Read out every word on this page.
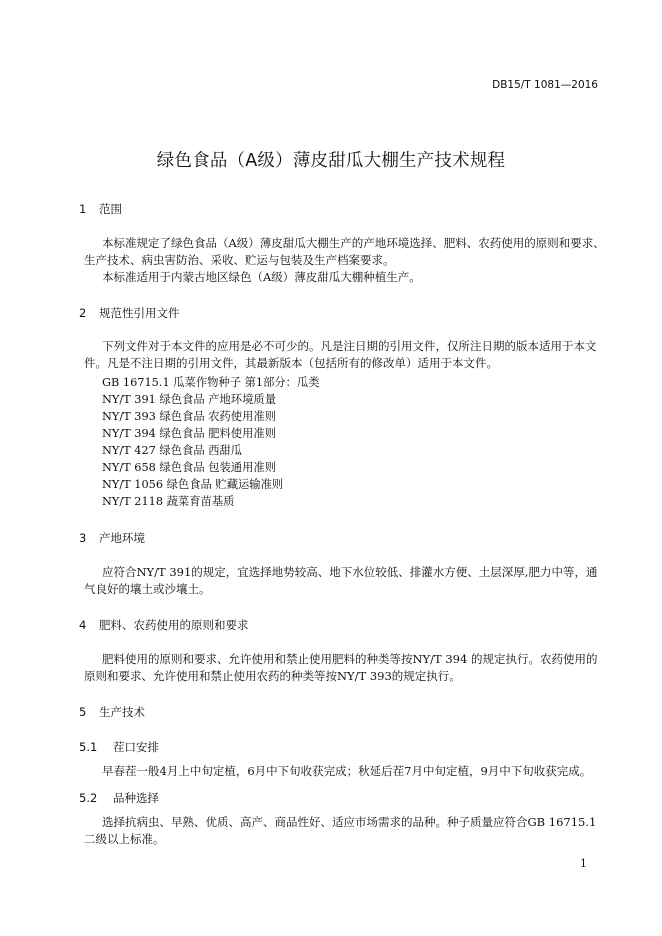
DB15/T 1081—2016
绿色食品（A级）薄皮甜瓜大棚生产技术规程
1 范围
本标准规定了绿色食品（A级）薄皮甜瓜大棚生产的产地环境选择、肥料、农药使用的原则和要求、
生产技术、病虫害防治、采收、贮运与包装及生产档案要求。
本标准适用于内蒙古地区绿色（A级）薄皮甜瓜大棚种植生产。
2 规范性引用文件
下列文件对于本文件的应用是必不可少的。凡是注日期的引用文件，仅所注日期的版本适用于本文
件。凡是不注日期的引用文件，其最新版本（包括所有的修改单）适用于本文件。
GB 16715.1 瓜菜作物种子 第1部分：瓜类
NY/T 391 绿色食品 产地环境质量
NY/T 393 绿色食品 农药使用准则
NY/T 394 绿色食品 肥料使用准则
NY/T 427 绿色食品 西甜瓜
NY/T 658 绿色食品 包装通用准则
NY/T 1056 绿色食品 贮藏运输准则
NY/T 2118 蔬菜育苗基质
3 产地环境
应符合NY/T 391的规定，宜选择地势较高、地下水位较低、排灌水方便、土层深厚,肥力中等，通
气良好的壤土或沙壤土。
4 肥料、农药使用的原则和要求
肥料使用的原则和要求、允许使用和禁止使用肥料的种类等按NY/T 394 的规定执行。农药使用的
原则和要求、允许使用和禁止使用农药的种类等按NY/T 393的规定执行。
5 生产技术
5.1 茬口安排
早春茬一般4月上中旬定植，6月中下旬收获完成；秋延后茬7月中旬定植，9月中下旬收获完成。
5.2 品种选择
选择抗病虫、早熟、优质、高产、商品性好、适应市场需求的品种。种子质量应符合GB 16715.1
二级以上标准。
1
